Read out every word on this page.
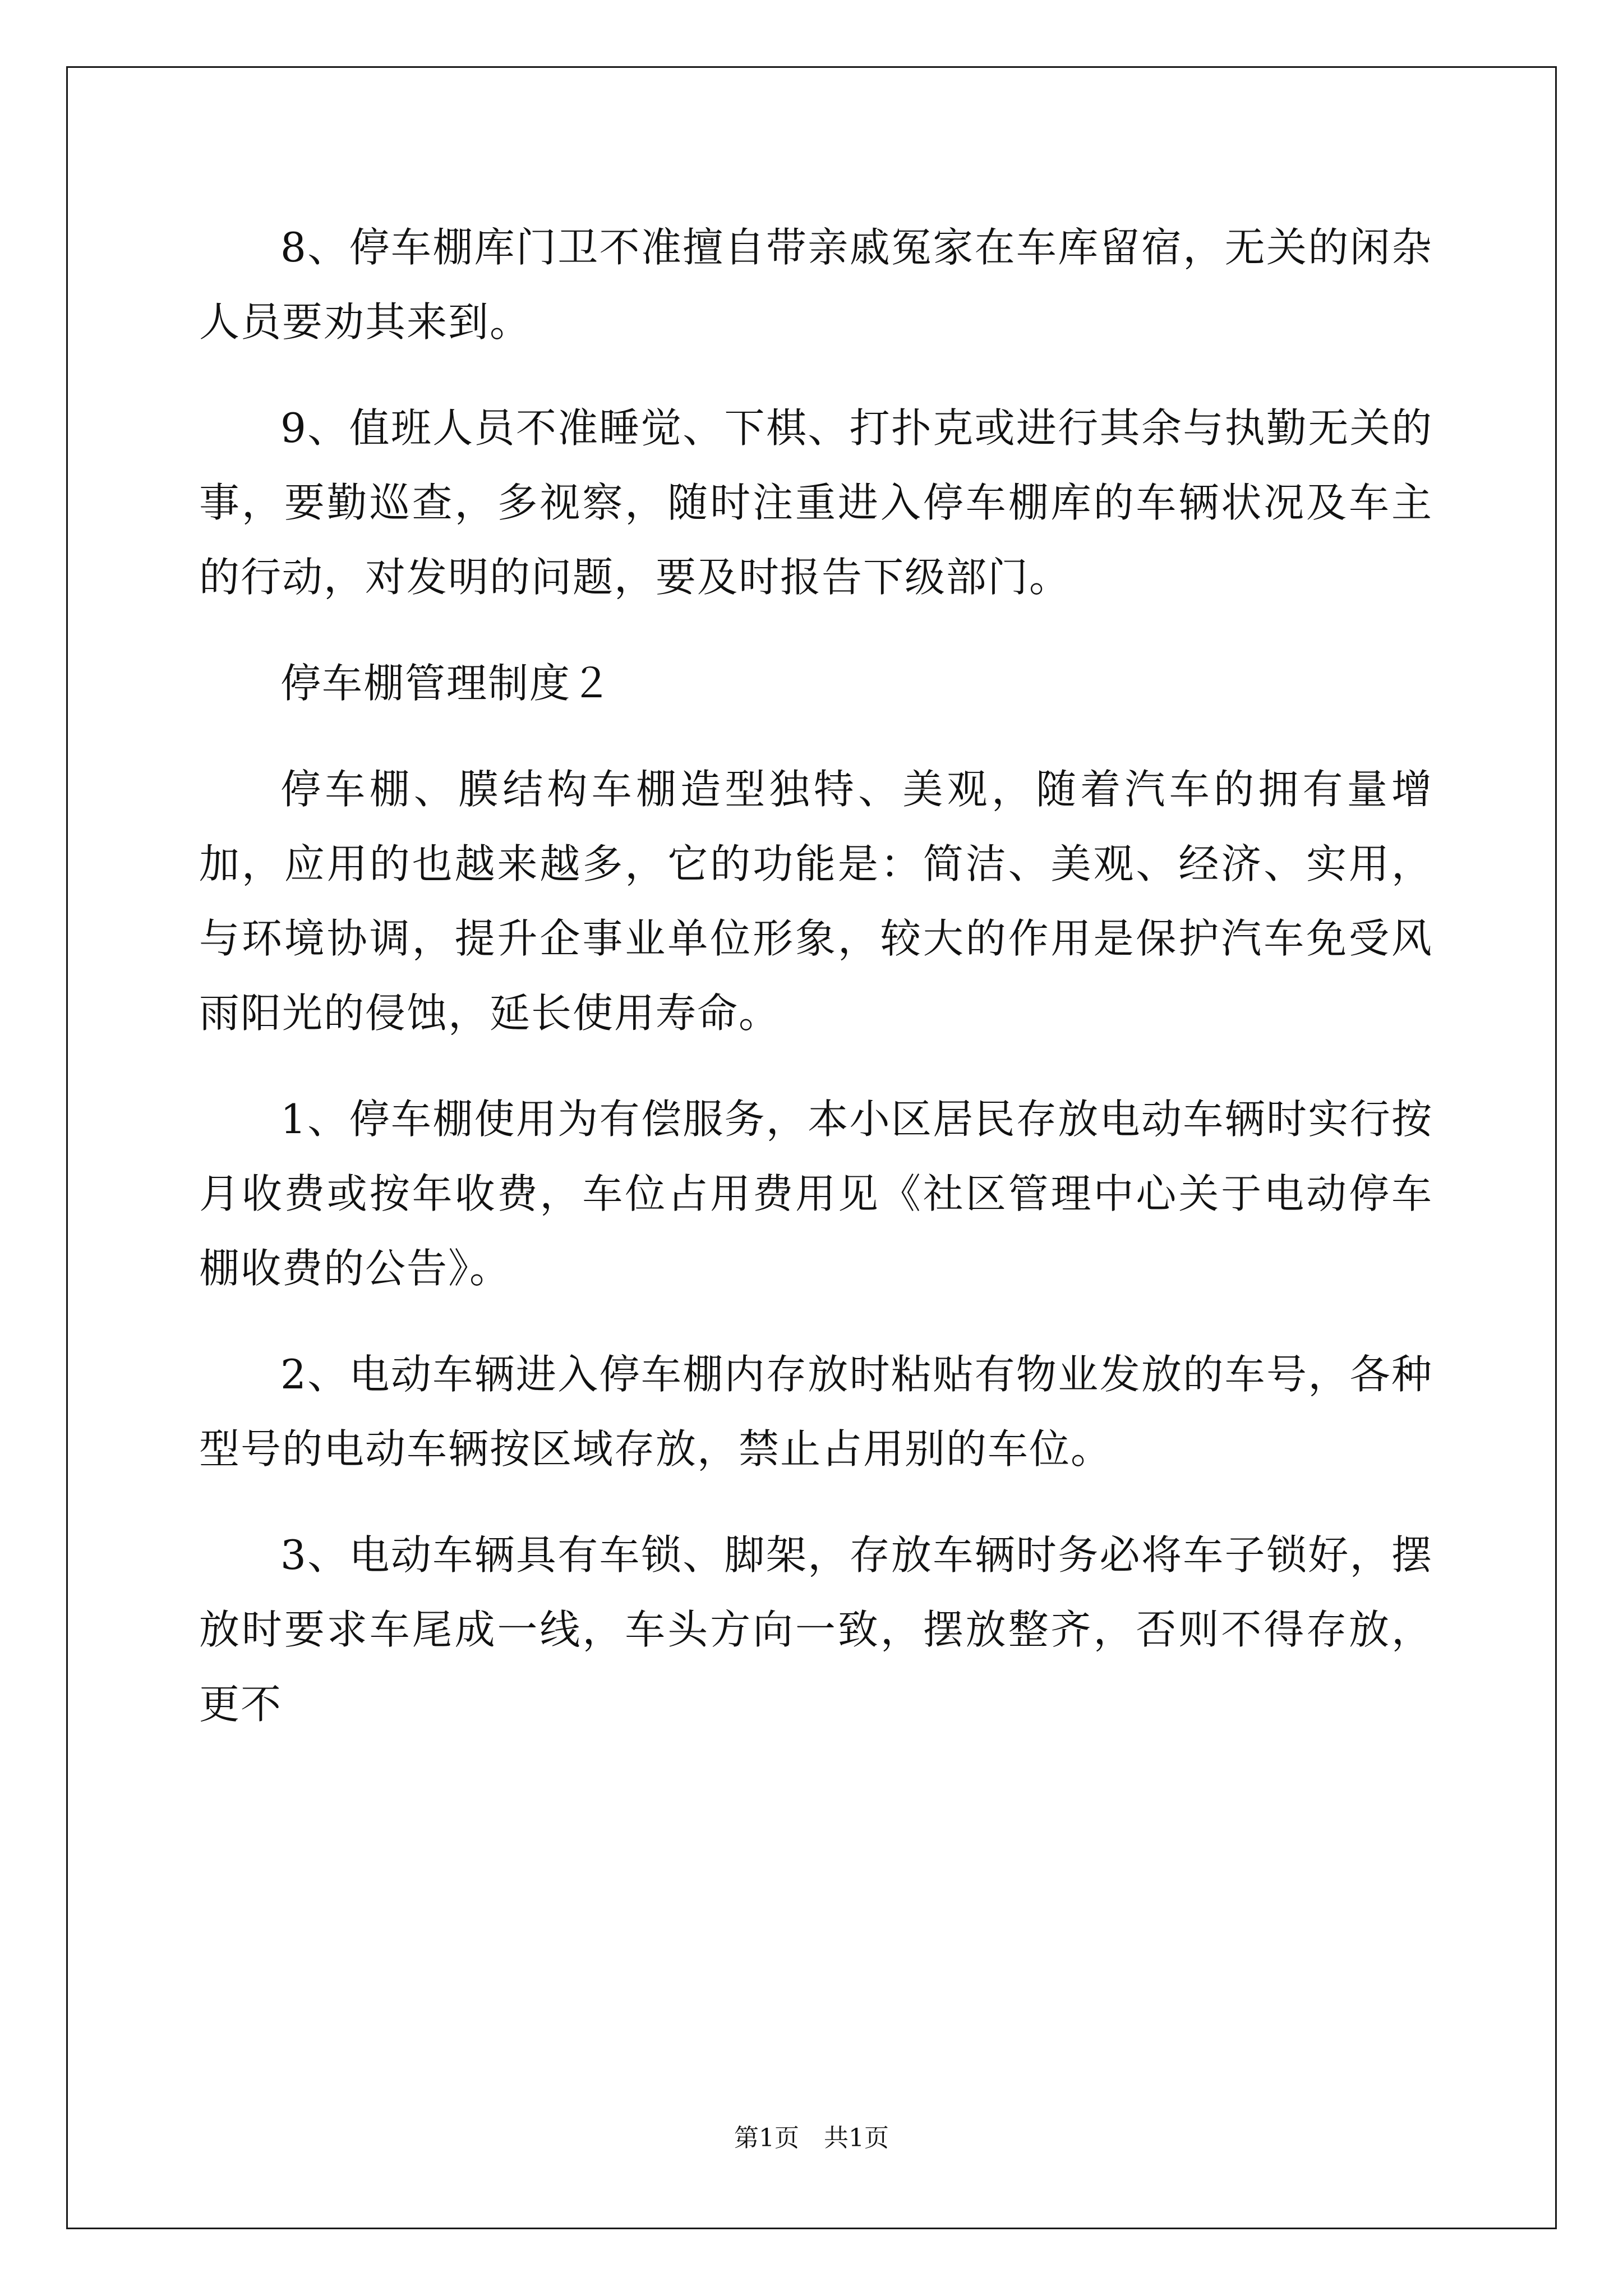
8、停车棚库门卫不准擅自带亲戚冤家在车库留宿，无关的闲杂人员要劝其来到。

9、值班人员不准睡觉、下棋、打扑克或进行其余与执勤无关的事，要勤巡查，多视察，随时注重进入停车棚库的车辆状况及车主的行动，对发明的问题，要及时报告下级部门。

停车棚管理制度２

停车棚、膜结构车棚造型独特、美观，随着汽车的拥有量增加，应用的也越来越多，它的功能是：简洁、美观、经济、实用，与环境协调，提升企事业单位形象，较大的作用是保护汽车免受风雨阳光的侵蚀，延长使用寿命。

1、停车棚使用为有偿服务，本小区居民存放电动车辆时实行按月收费或按年收费，车位占用费用见《社区管理中心关于电动停车棚收费的公告》。

2、电动车辆进入停车棚内存放时粘贴有物业发放的车号，各种型号的电动车辆按区域存放，禁止占用别的车位。

3、电动车辆具有车锁、脚架，存放车辆时务必将车子锁好，摆放时要求车尾成一线，车头方向一致，摆放整齐，否则不得存放，更不

第1页　共1页
